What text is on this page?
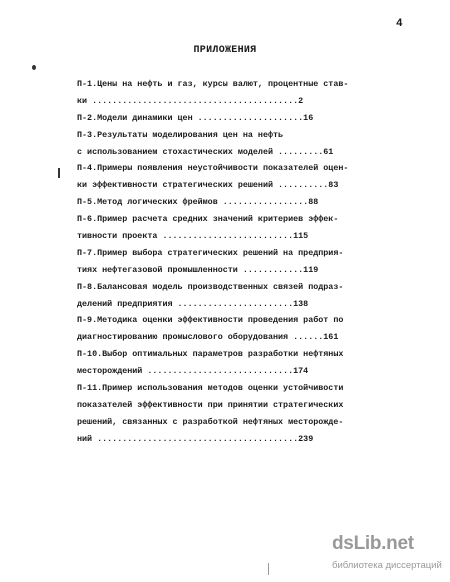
4
ПРИЛОЖЕНИЯ
П-1.Цены на нефть и газ, курсы валют, процентные став-
ки .........................................2
П-2.Модели динамики цен .....................16
П-3.Результаты моделирования цен на нефть
с использованием стохастических моделей .........61
П-4.Примеры появления неустойчивости показателей оцен-
ки эффективности стратегических решений ..........83
П-5.Метод логических фреймов .................88
П-6.Пример расчета средних значений критериев эффек-
тивности проекта ..........................115
П-7.Пример выбора стратегических решений на предприя-
тиях нефтегазовой промышленности ............119
П-8.Балансовая модель производственных связей подраз-
делений предприятия .......................138
П-9.Методика оценки эффективности проведения работ по
диагностированию промыслового оборудования ......161
П-10.Выбор оптимальных параметров разработки нефтяных
месторождений .............................174
П-11.Пример использования методов оценки устойчивости
показателей эффективности при принятии стратегических
решений, связанных с разработкой нефтяных месторожде-
ний ........................................239
dsLib.net
библиотека диссертаций
